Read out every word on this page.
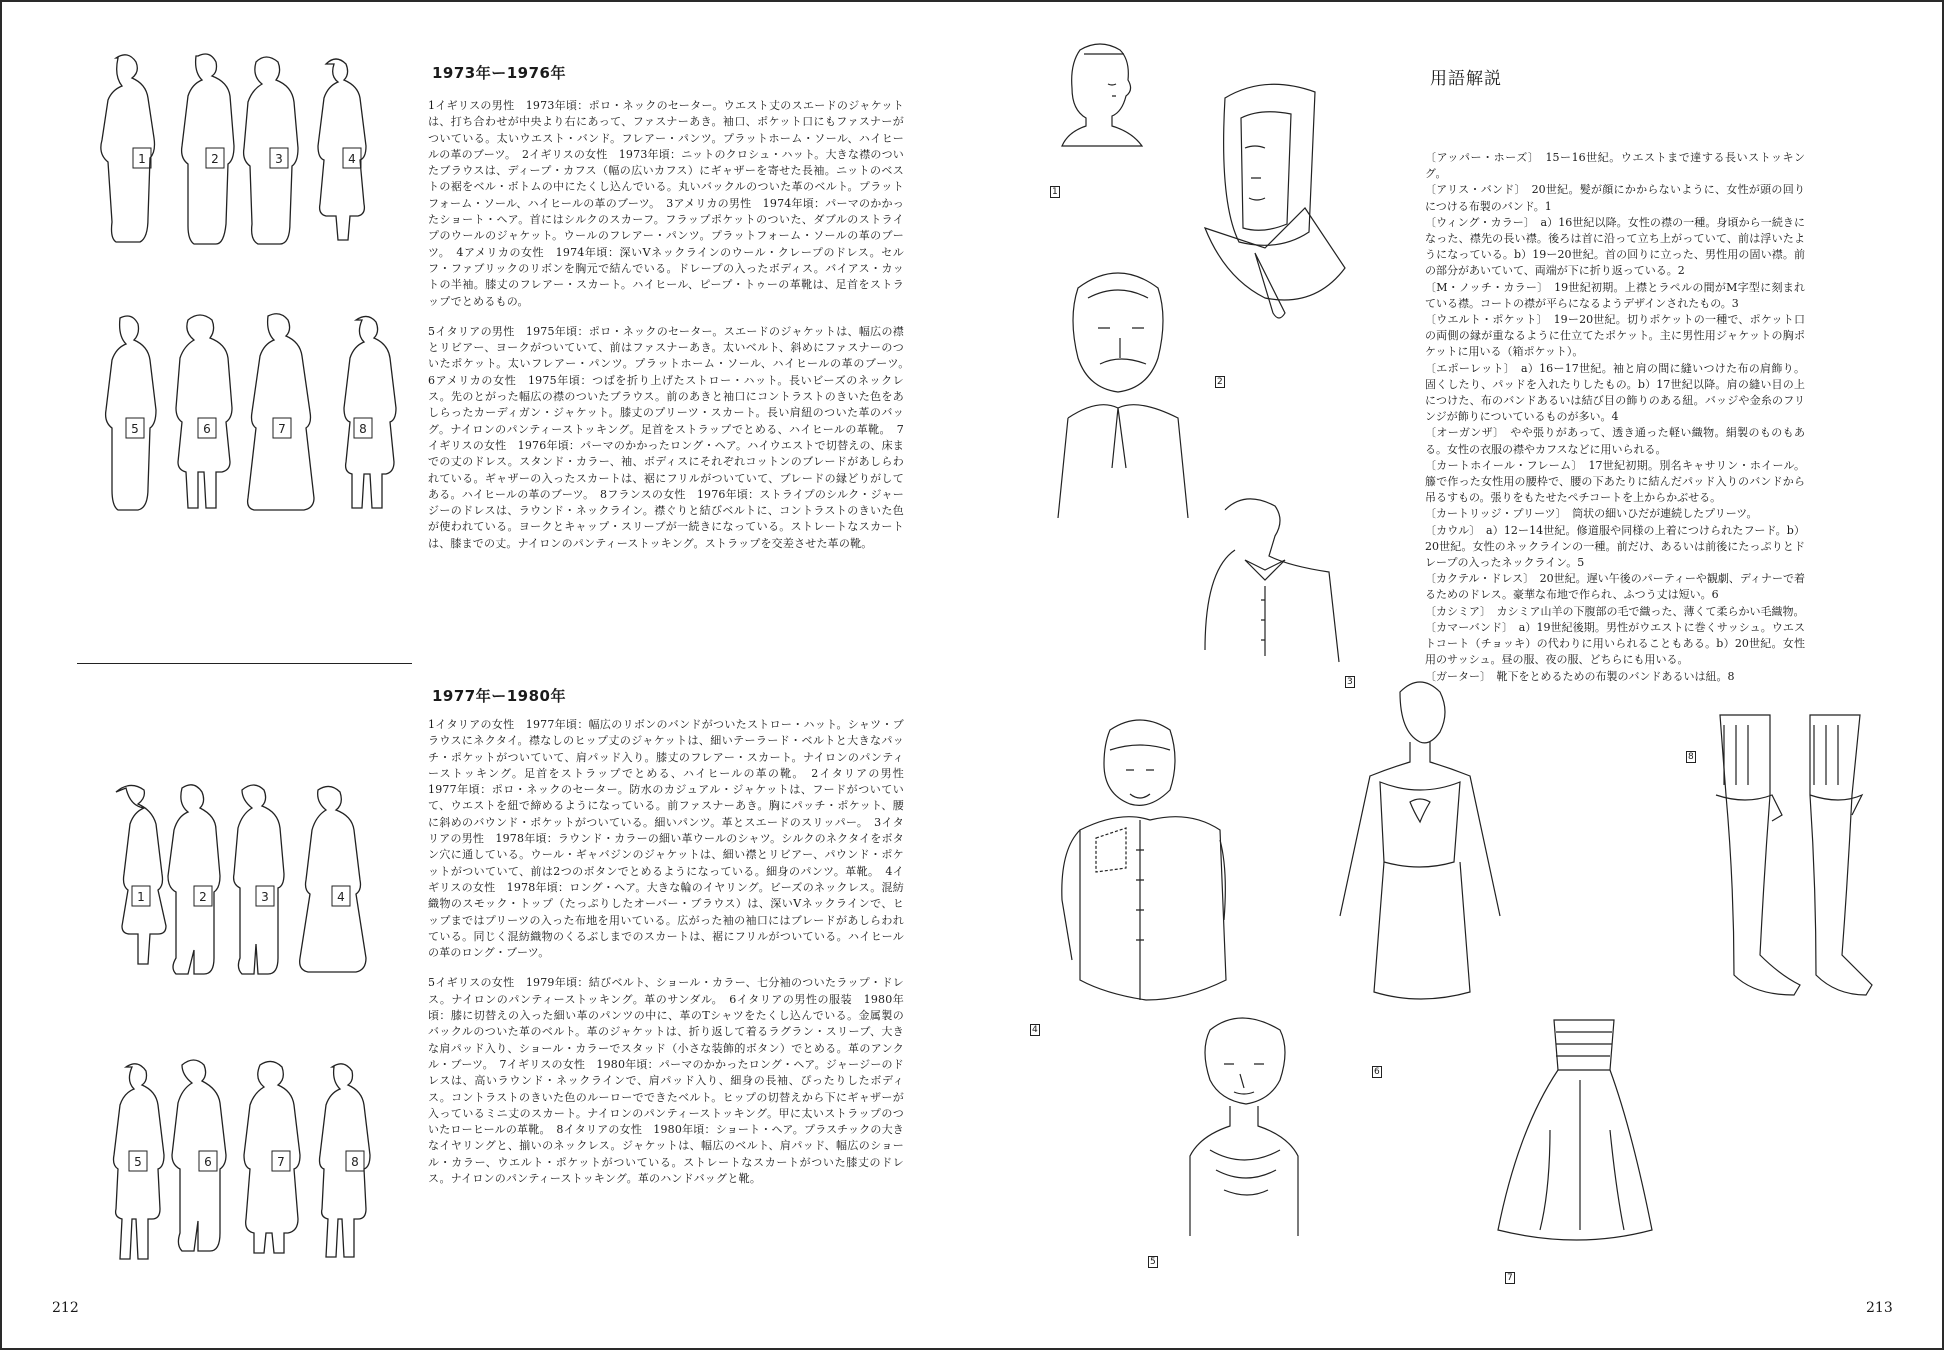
1	2	3	4
5	6	7	8
1	2	3	4
5	6	7	8
1973年ー1976年

1イギリスの男性　1973年頃：ポロ・ネックのセーター。ウエスト丈のスエードのジャケットは、打ち合わせが中央より右にあって、ファスナーあき。袖口、ポケット口にもファスナーがついている。太いウエスト・バンド。フレアー・パンツ。プラットホーム・ソール、ハイヒールの革のブーツ。　2イギリスの女性　1973年頃：ニットのクロシュ・ハット。大きな襟のついたブラウスは、ディープ・カフス（幅の広いカフス）にギャザーを寄せた長袖。ニットのベストの裾をベル・ボトムの中にたくし込んでいる。丸いバックルのついた革のベルト。プラットフォーム・ソール、ハイヒールの革のブーツ。　3アメリカの男性　1974年頃：パーマのかかったショート・ヘア。首にはシルクのスカーフ。フラップポケットのついた、ダブルのストライプのウールのジャケット。ウールのフレアー・パンツ。プラットフォーム・ソールの革のブーツ。　4アメリカの女性　1974年頃：深いVネックラインのウール・クレープのドレス。セルフ・ファブリックのリボンを胸元で結んでいる。ドレープの入ったボディス。バイアス・カットの半袖。膝丈のフレアー・スカート。ハイヒール、ピープ・トゥーの革靴は、足首をストラップでとめるもの。

5イタリアの男性　1975年頃：ポロ・ネックのセーター。スエードのジャケットは、幅広の襟とリビアー、ヨークがついていて、前はファスナーあき。太いベルト、斜めにファスナーのついたポケット。太いフレアー・パンツ。プラットホーム・ソール、ハイヒールの革のブーツ。　6アメリカの女性　1975年頃：つばを折り上げたストロー・ハット。長いビーズのネックレス。先のとがった幅広の襟のついたブラウス。前のあきと袖口にコントラストのきいた色をあしらったカーディガン・ジャケット。膝丈のプリーツ・スカート。長い肩紐のついた革のバッグ。ナイロンのパンティーストッキング。足首をストラップでとめる、ハイヒールの革靴。　7イギリスの女性　1976年頃：パーマのかかったロング・ヘア。ハイウエストで切替えの、床までの丈のドレス。スタンド・カラー、袖、ボディスにそれぞれコットンのブレードがあしらわれている。ギャザーの入ったスカートは、裾にフリルがついていて、ブレードの縁どりがしてある。ハイヒールの革のブーツ。　8フランスの女性　1976年頃：ストライプのシルク・ジャージーのドレスは、ラウンド・ネックライン。襟ぐりと結びベルトに、コントラストのきいた色が使われている。ヨークとキャップ・スリーブが一続きになっている。ストレートなスカートは、膝までの丈。ナイロンのパンティーストッキング。ストラップを交差させた革の靴。

1977年ー1980年

1イタリアの女性　1977年頃：幅広のリボンのバンドがついたストロー・ハット。シャツ・ブラウスにネクタイ。襟なしのヒップ丈のジャケットは、細いテーラード・ベルトと大きなパッチ・ポケットがついていて、肩パッド入り。膝丈のフレアー・スカート。ナイロンのパンティーストッキング。足首をストラップでとめる、ハイヒールの革の靴。　2イタリアの男性　1977年頃：ポロ・ネックのセーター。防水のカジュアル・ジャケットは、フードがついていて、ウエストを紐で締めるようになっている。前ファスナーあき。胸にパッチ・ポケット、腰に斜めのバウンド・ポケットがついている。細いパンツ。革とスエードのスリッパー。　3イタリアの男性　1978年頃：ラウンド・カラーの細い革ウールのシャツ。シルクのネクタイをボタン穴に通している。ウール・ギャバジンのジャケットは、細い襟とリビアー、パウンド・ポケットがついていて、前は2つのボタンでとめるようになっている。細身のパンツ。革靴。　4イギリスの女性　1978年頃：ロング・ヘア。大きな輪のイヤリング。ビーズのネックレス。混紡織物のスモック・トップ（たっぷりしたオーバー・ブラウス）は、深いVネックラインで、ヒップまではプリーツの入った布地を用いている。広がった袖の袖口にはブレードがあしらわれている。同じく混紡織物のくるぶしまでのスカートは、裾にフリルがついている。ハイヒールの革のロング・ブーツ。

5イギリスの女性　1979年頃：結びベルト、ショール・カラー、七分袖のついたラップ・ドレス。ナイロンのパンティーストッキング。革のサンダル。　6イタリアの男性の服装　1980年頃：膝に切替えの入った細い革のパンツの中に、革のTシャツをたくし込んでいる。金属製のバックルのついた革のベルト。革のジャケットは、折り返して着るラグラン・スリーブ、大きな肩パッド入り、ショール・カラーでスタッド（小さな装飾的ボタン）でとめる。革のアンクル・ブーツ。　7イギリスの女性　1980年頃：パーマのかかったロング・ヘア。ジャージーのドレスは、高いラウンド・ネックラインで、肩パッド入り、細身の長袖、ぴったりしたボディス。コントラストのきいた色のルーローでできたベルト。ヒップの切替えから下にギャザーが入っているミニ丈のスカート。ナイロンのパンティーストッキング。甲に太いストラップのついたローヒールの革靴。　8イタリアの女性　1980年頃：ショート・ヘア。プラスチックの大きなイヤリングと、揃いのネックレス。ジャケットは、幅広のベルト、肩パッド、幅広のショール・カラー、ウエルト・ポケットがついている。ストレートなスカートがついた膝丈のドレス。ナイロンのパンティーストッキング。革のハンドバッグと靴。

212
1
2
3
4
5
6
7
8
用語解説

〔アッパー・ホーズ〕　15ー16世紀。ウエストまで達する長いストッキング。

〔アリス・バンド〕　20世紀。髪が顔にかからないように、女性が頭の回りにつける布製のバンド。1

〔ウィング・カラー〕　a）16世紀以降。女性の襟の一種。身頃から一続きになった、襟先の長い襟。後ろは首に沿って立ち上がっていて、前は浮いたようになっている。b）19ー20世紀。首の回りに立った、男性用の固い襟。前の部分があいていて、両端が下に折り返っている。2

〔M・ノッチ・カラー〕　19世紀初期。上襟とラペルの間がM字型に刻まれている襟。コートの襟が平らになるようデザインされたもの。3

〔ウエルト・ポケット〕　19ー20世紀。切りポケットの一種で、ポケット口の両側の縁が重なるように仕立てたポケット。主に男性用ジャケットの胸ポケットに用いる（箱ポケット）。

〔エポーレット〕　a）16ー17世紀。袖と肩の間に縫いつけた布の肩飾り。固くしたり、パッドを入れたりしたもの。b）17世紀以降。肩の縫い目の上につけた、布のバンドあるいは結び目の飾りのある紐。バッジや金糸のフリンジが飾りについているものが多い。4

〔オーガンザ〕　やや張りがあって、透き通った軽い織物。絹製のものもある。女性の衣服の襟やカフスなどに用いられる。

〔カートホイール・フレーム〕　17世紀初期。別名キャサリン・ホイール。籐で作った女性用の腰枠で、腰の下あたりに結んだパッド入りのバンドから吊るすもの。張りをもたせたペチコートを上からかぶせる。

〔カートリッジ・プリーツ〕　筒状の細いひだが連続したプリーツ。

〔カウル〕　a）12ー14世紀。修道服や同様の上着につけられたフード。b）20世紀。女性のネックラインの一種。前だけ、あるいは前後にたっぷりとドレープの入ったネックライン。5

〔カクテル・ドレス〕　20世紀。遅い午後のパーティーや観劇、ディナーで着るためのドレス。豪華な布地で作られ、ふつう丈は短い。6

〔カシミア〕　カシミア山羊の下腹部の毛で織った、薄くて柔らかい毛織物。

〔カマーバンド〕　a）19世紀後期。男性がウエストに巻くサッシュ。ウエストコート（チョッキ）の代わりに用いられることもある。b）20世紀。女性用のサッシュ。昼の服、夜の服、どちらにも用いる。

〔ガーター〕　靴下をとめるための布製のバンドあるいは紐。8

213
